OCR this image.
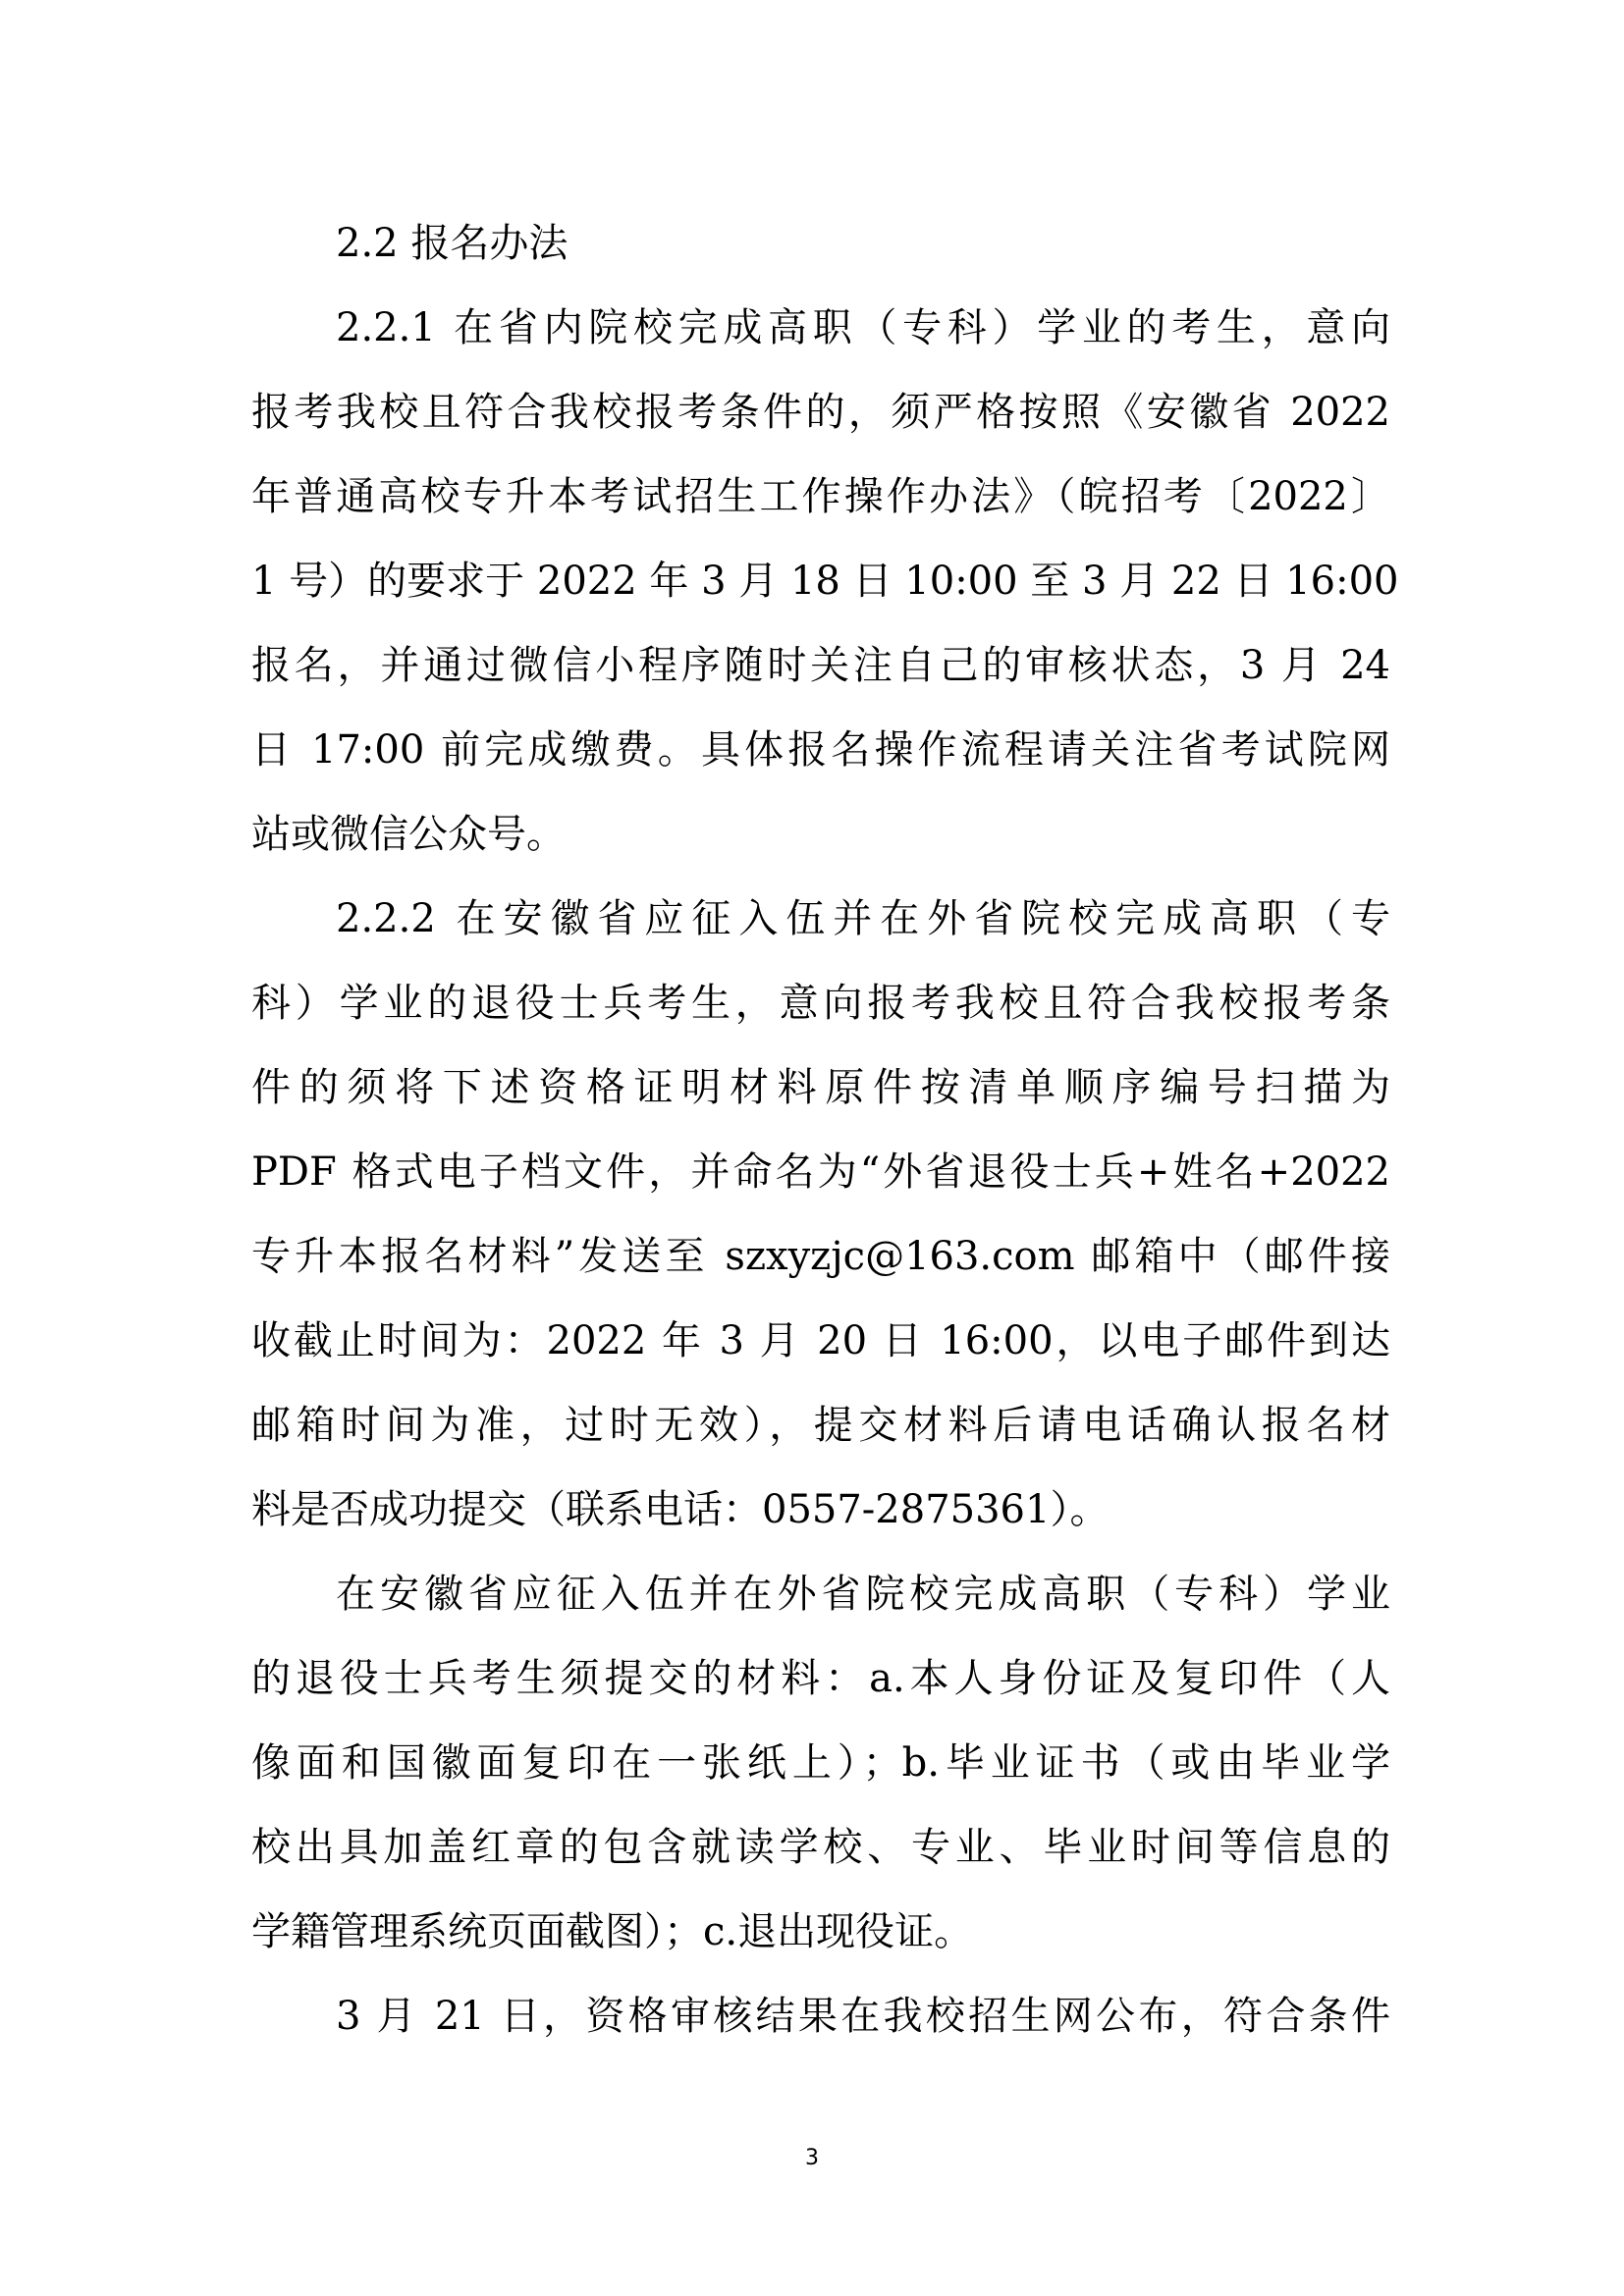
2.2 报名办法
2.2.1 在省内院校完成高职（专科）学业的考生，意向
报考我校且符合我校报考条件的，须严格按照《安徽省 2022
年普通高校专升本考试招生工作操作办法》（皖招考〔2022〕
1 号）的要求于 2022 年 3 月 18 日 10:00 至 3 月 22 日 16:00
报名，并通过微信小程序随时关注自己的审核状态，3 月 24
日 17:00 前完成缴费。具体报名操作流程请关注省考试院网
站或微信公众号。
2.2.2 在安徽省应征入伍并在外省院校完成高职（专
科）学业的退役士兵考生，意向报考我校且符合我校报考条
件的须将下述资格证明材料原件按清单顺序编号扫描为
PDF 格式电子档文件，并命名为“外省退役士兵+姓名+2022
专升本报名材料”发送至 szxyzjc@163.com 邮箱中（邮件接
收截止时间为：2022 年 3 月 20 日 16:00，以电子邮件到达
邮箱时间为准，过时无效），提交材料后请电话确认报名材
料是否成功提交（联系电话：0557-2875361）。
在安徽省应征入伍并在外省院校完成高职（专科）学业
的退役士兵考生须提交的材料：a.本人身份证及复印件（人
像面和国徽面复印在一张纸上）；b.毕业证书（或由毕业学
校出具加盖红章的包含就读学校、专业、毕业时间等信息的
学籍管理系统页面截图）；c.退出现役证。
3 月 21 日，资格审核结果在我校招生网公布，符合条件
3
